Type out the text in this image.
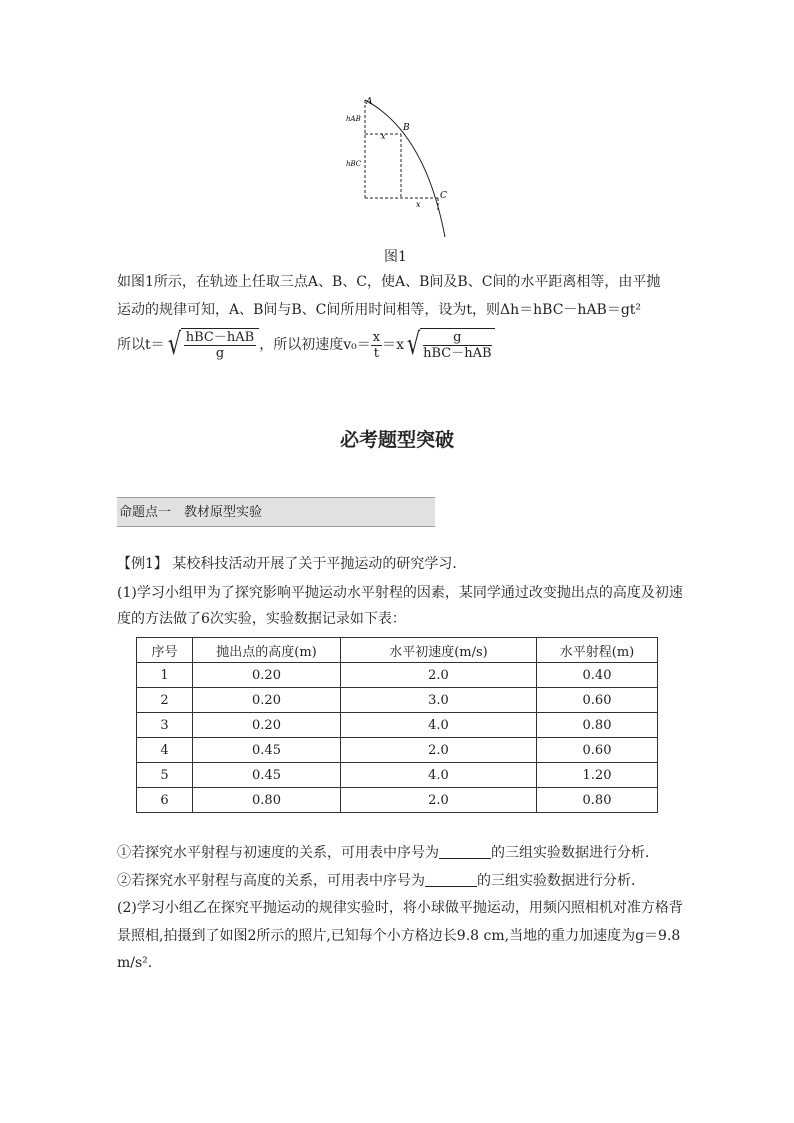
A
B
C
hAB
hBC
x
x
图1
如图1所示，在轨迹上任取三点A、B、C，使A、B间及B、C间的水平距离相等，由平抛
运动的规律可知，A、B间与B、C间所用时间相等，设为t，则Δh＝hBC－hAB＝gt²
所以t＝ √ $\frac{\text{hBC－hAB}}{g}$ ，所以初速度$v_0= \frac{x}{t} =x$ √ $\frac{g}{\text{hBC－hAB}}$
必考题型突破
命题点一　教材原型实验
【例1】 某校科技活动开展了关于平抛运动的研究学习．
(1)学习小组甲为了探究影响平抛运动水平射程的因素，某同学通过改变抛出点的高度及初速
度的方法做了6次实验，实验数据记录如下表：
序号	抛出点的高度(m)	水平初速度(m/s)	水平射程(m)
1	0.20	2.0	0.40
2	0.20	3.0	0.60
3	0.20	4.0	0.80
4	0.45	2.0	0.60
5	0.45	4.0	1.20
6	0.80	2.0	0.80
①若探究水平射程与初速度的关系，可用表中序号为	的三组实验数据进行分析．
②若探究水平射程与高度的关系，可用表中序号为	的三组实验数据进行分析．
(2)学习小组乙在探究平抛运动的规律实验时，将小球做平抛运动，用频闪照相机对准方格背
景照相,拍摄到了如图2所示的照片,已知每个小方格边长9.8 cm,当地的重力加速度为g＝9.8
m/s².
